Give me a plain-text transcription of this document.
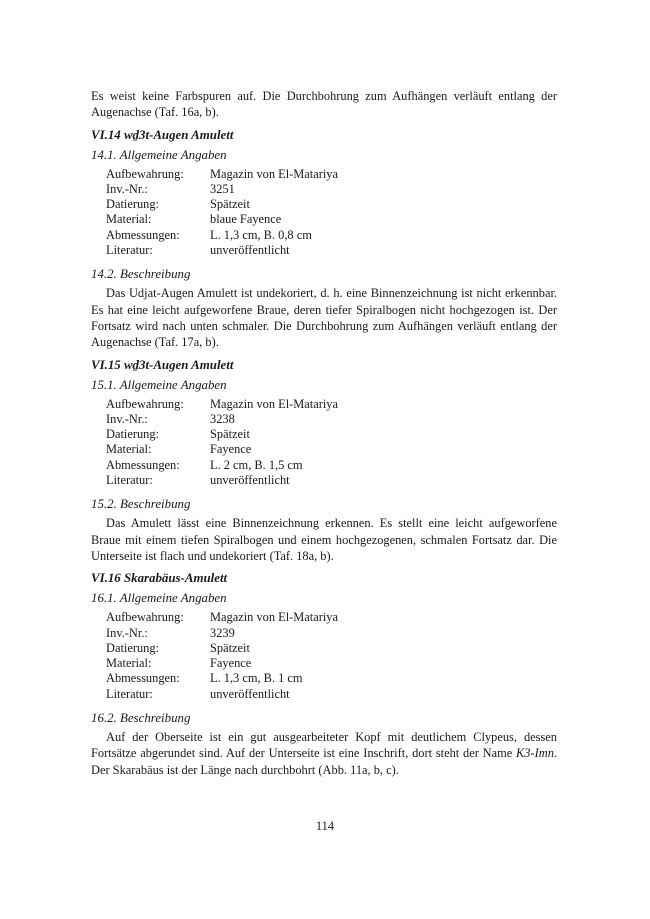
Es weist keine Farbspuren auf. Die Durchbohrung zum Aufhängen verläuft entlang der Augenachse (Taf. 16a, b).

VI.14 wḏ3t-Augen Amulett
14.1. Allgemeine Angaben
Aufbewahrung:	Magazin von El-Matariya
Inv.-Nr.:	3251
Datierung:	Spätzeit
Material:	blaue Fayence
Abmessungen:	L. 1,3 cm, B. 0,8 cm
Literatur:	unveröffentlicht
14.2. Beschreibung

Das Udjat-Augen Amulett ist undekoriert, d. h. eine Binnenzeichnung ist nicht erkennbar. Es hat eine leicht aufgeworfene Braue, deren tiefer Spiralbogen nicht hochgezogen ist. Der Fortsatz wird nach unten schmaler. Die Durchbohrung zum Aufhängen verläuft entlang der Augenachse (Taf. 17a, b).

VI.15 wḏ3t-Augen Amulett
15.1. Allgemeine Angaben
Aufbewahrung:	Magazin von El-Matariya
Inv.-Nr.:	3238
Datierung:	Spätzeit
Material:	Fayence
Abmessungen:	L. 2 cm, B. 1,5 cm
Literatur:	unveröffentlicht
15.2. Beschreibung

Das Amulett lässt eine Binnenzeichnung erkennen. Es stellt eine leicht aufgeworfene Braue mit einem tiefen Spiralbogen und einem hochgezogenen, schmalen Fortsatz dar. Die Unterseite ist flach und undekoriert (Taf. 18a, b).

VI.16 Skarabäus-Amulett
16.1. Allgemeine Angaben
Aufbewahrung:	Magazin von El-Matariya
Inv.-Nr.:	3239
Datierung:	Spätzeit
Material:	Fayence
Abmessungen:	L. 1,3 cm, B. 1 cm
Literatur:	unveröffentlicht
16.2. Beschreibung

Auf der Oberseite ist ein gut ausgearbeiteter Kopf mit deutlichem Clypeus, dessen Fortsätze abgerundet sind. Auf der Unterseite ist eine Inschrift, dort steht der Name K3-Imn. Der Skarabäus ist der Länge nach durchbohrt (Abb. 11a, b, c).

114
